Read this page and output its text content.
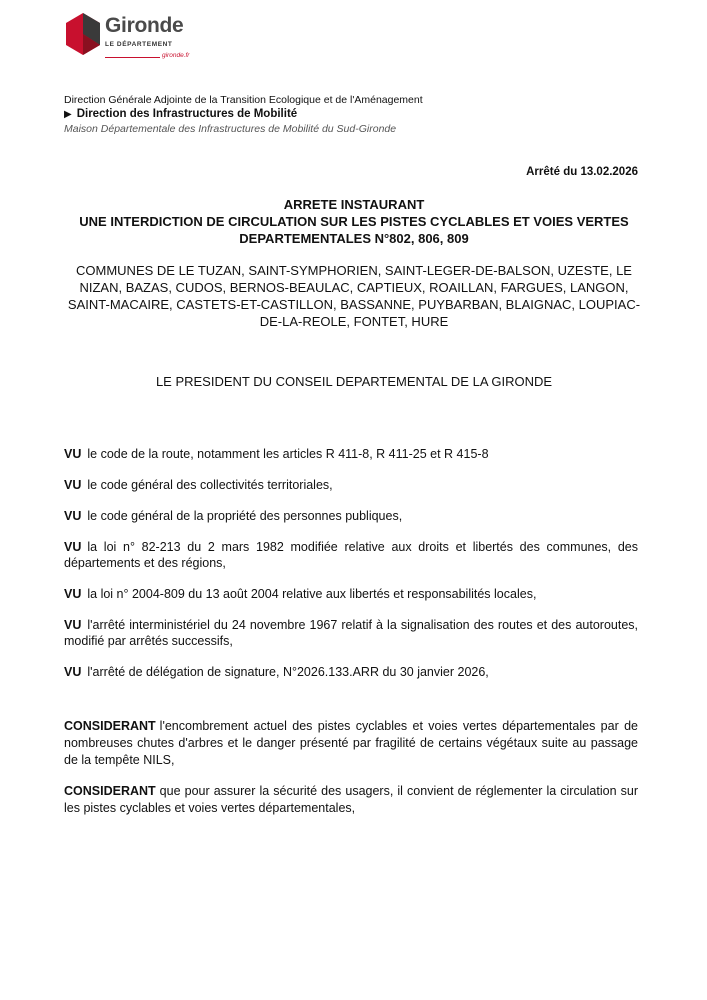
Gironde
LE DÉPARTEMENT
gironde.fr
Direction Générale Adjointe de la Transition Ecologique et de l'Aménagement
▶ Direction des Infrastructures de Mobilité
Maison Départementale des Infrastructures de Mobilité du Sud-Gironde
Arrêté du 13.02.2026
ARRETE INSTAURANT
UNE INTERDICTION DE CIRCULATION SUR LES PISTES CYCLABLES ET VOIES VERTES DEPARTEMENTALES N°802, 806, 809
COMMUNES DE LE TUZAN, SAINT-SYMPHORIEN, SAINT-LEGER-DE-BALSON, UZESTE, LE NIZAN, BAZAS, CUDOS, BERNOS-BEAULAC, CAPTIEUX, ROAILLAN, FARGUES, LANGON, SAINT-MACAIRE, CASTETS-ET-CASTILLON, BASSANNE, PUYBARBAN, BLAIGNAC, LOUPIAC-DE-LA-REOLE, FONTET, HURE
LE PRESIDENT DU CONSEIL DEPARTEMENTAL DE LA GIRONDE
VU le code de la route, notamment les articles R 411-8, R 411-25 et R 415-8
VU le code général des collectivités territoriales,
VU le code général de la propriété des personnes publiques,
VU la loi n° 82-213 du 2 mars 1982 modifiée relative aux droits et libertés des communes, des départements et des régions,
VU la loi n° 2004-809 du 13 août 2004 relative aux libertés et responsabilités locales,
VU l'arrêté interministériel du 24 novembre 1967 relatif à la signalisation des routes et des autoroutes, modifié par arrêtés successifs,
VU l'arrêté de délégation de signature, N°2026.133.ARR du 30 janvier 2026,

CONSIDERANT l'encombrement actuel des pistes cyclables et voies vertes départementales par de nombreuses chutes d'arbres et le danger présenté par fragilité de certains végétaux suite au passage de la tempête NILS,

CONSIDERANT que pour assurer la sécurité des usagers, il convient de réglementer la circulation sur les pistes cyclables et voies vertes départementales,
